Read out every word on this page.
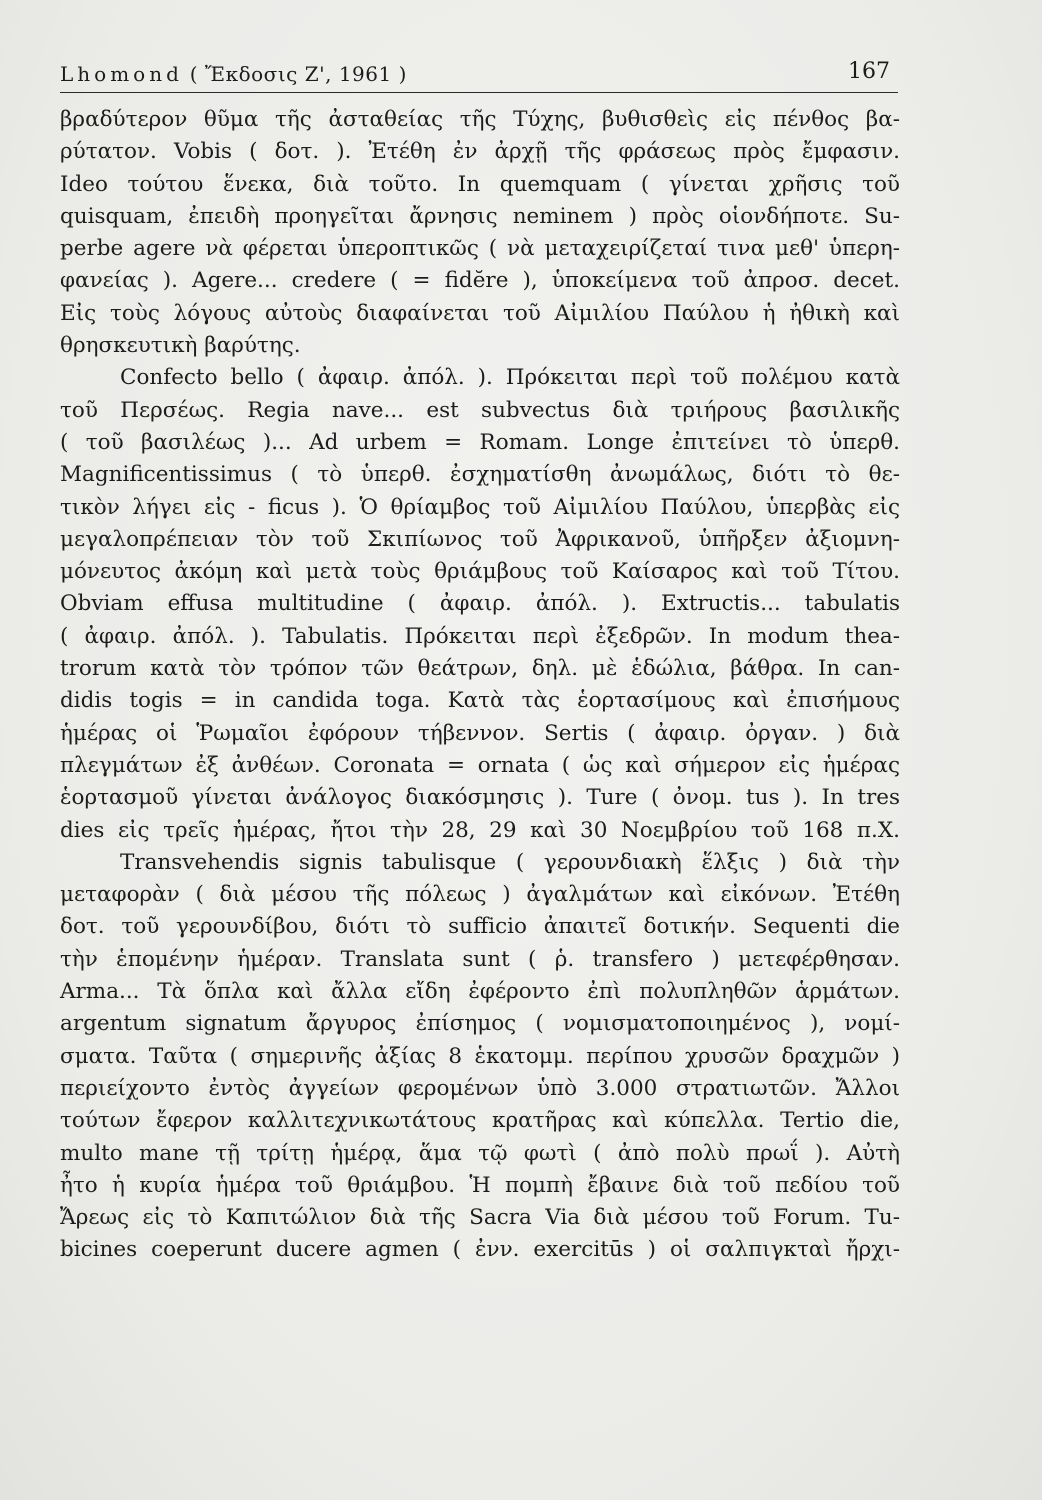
Lhomond ( Ἔκδοσις Ζ', 1961 )	167
βραδύτερον θῦμα τῆς ἀσταθείας τῆς Τύχης, βυθισθεὶς εἰς πένθος βα-
ρύτατον. Vobis ( δοτ. ). Ἐτέθη ἐν ἀρχῇ τῆς φράσεως πρὸς ἔμφασιν.
Ideo τούτου ἕνεκα, διὰ τοῦτο. In quemquam ( γίνεται χρῆσις τοῦ
quisquam, ἐπειδὴ προηγεῖται ἄρνησις neminem ) πρὸς οἱονδήποτε. Su-
perbe agere νὰ φέρεται ὑπεροπτικῶς ( νὰ μεταχειρίζεταί τινα μεθ' ὑπερη-
φανείας ). Agere... credere ( = fidĕre ), ὑποκείμενα τοῦ ἀπροσ. decet.
Εἰς τοὺς λόγους αὐτοὺς διαφαίνεται τοῦ Αἰμιλίου Παύλου ἡ ἠθικὴ καὶ
θρησκευτικὴ βαρύτης.
Confecto bello ( ἀφαιρ. ἀπόλ. ). Πρόκειται περὶ τοῦ πολέμου κατὰ
τοῦ Περσέως. Regia nave... est subvectus διὰ τριήρους βασιλικῆς
( τοῦ βασιλέως )... Ad urbem = Romam. Longe ἐπιτείνει τὸ ὑπερθ.
Magnificentissimus ( τὸ ὑπερθ. ἐσχηματίσθη ἀνωμάλως, διότι τὸ θε-
τικὸν λήγει εἰς - ficus ). Ὁ θρίαμβος τοῦ Αἰμιλίου Παύλου, ὑπερβὰς εἰς
μεγαλοπρέπειαν τὸν τοῦ Σκιπίωνος τοῦ Ἀφρικανοῦ, ὑπῆρξεν ἀξιομνη-
μόνευτος ἀκόμη καὶ μετὰ τοὺς θριάμβους τοῦ Καίσαρος καὶ τοῦ Τίτου.
Obviam effusa multitudine ( ἀφαιρ. ἀπόλ. ). Extructis... tabulatis
( ἀφαιρ. ἀπόλ. ). Tabulatis. Πρόκειται περὶ ἐξεδρῶν. In modum thea-
trorum κατὰ τὸν τρόπον τῶν θεάτρων, δηλ. μὲ ἑδώλια, βάθρα. In can-
didis togis = in candida toga. Κατὰ τὰς ἑορτασίμους καὶ ἐπισήμους
ἡμέρας οἱ Ῥωμαῖοι ἐφόρουν τήβεννον. Sertis ( ἀφαιρ. ὀργαν. ) διὰ
πλεγμάτων ἐξ ἀνθέων. Coronata = ornata ( ὡς καὶ σήμερον εἰς ἡμέρας
ἑορτασμοῦ γίνεται ἀνάλογος διακόσμησις ). Ture ( ὀνομ. tus ). In tres
dies εἰς τρεῖς ἡμέρας, ἤτοι τὴν 28, 29 καὶ 30 Νοεμβρίου τοῦ 168 π.Χ.
Transvehendis signis tabulisque ( γερουνδιακὴ ἕλξις ) διὰ τὴν
μεταφορὰν ( διὰ μέσου τῆς πόλεως ) ἀγαλμάτων καὶ εἰκόνων. Ἐτέθη
δοτ. τοῦ γερουνδίβου, διότι τὸ sufficio ἀπαιτεῖ δοτικήν. Sequenti die
τὴν ἑπομένην ἡμέραν. Translata sunt ( ῥ. transfero ) μετεφέρθησαν.
Arma... Τὰ ὅπλα καὶ ἄλλα εἴδη ἐφέροντο ἐπὶ πολυπληθῶν ἁρμάτων.
argentum signatum ἄργυρος ἐπίσημος ( νομισματοποιημένος ), νομί-
σματα. Ταῦτα ( σημερινῆς ἀξίας 8 ἑκατομμ. περίπου χρυσῶν δραχμῶν )
περιείχοντο ἐντὸς ἀγγείων φερομένων ὑπὸ 3.000 στρατιωτῶν. Ἄλλοι
τούτων ἔφερον καλλιτεχνικωτάτους κρατῆρας καὶ κύπελλα. Tertio die,
multo mane τῇ τρίτῃ ἡμέρᾳ, ἅμα τῷ φωτὶ ( ἀπὸ πολὺ πρωΐ ). Αὐτὴ
ἦτο ἡ κυρία ἡμέρα τοῦ θριάμβου. Ἡ πομπὴ ἔβαινε διὰ τοῦ πεδίου τοῦ
Ἄρεως εἰς τὸ Καπιτώλιον διὰ τῆς Sacra Via διὰ μέσου τοῦ Forum. Tu-
bicines coeperunt ducere agmen ( ἐνν. exercitūs ) οἱ σαλπιγκταὶ ἤρχι-
